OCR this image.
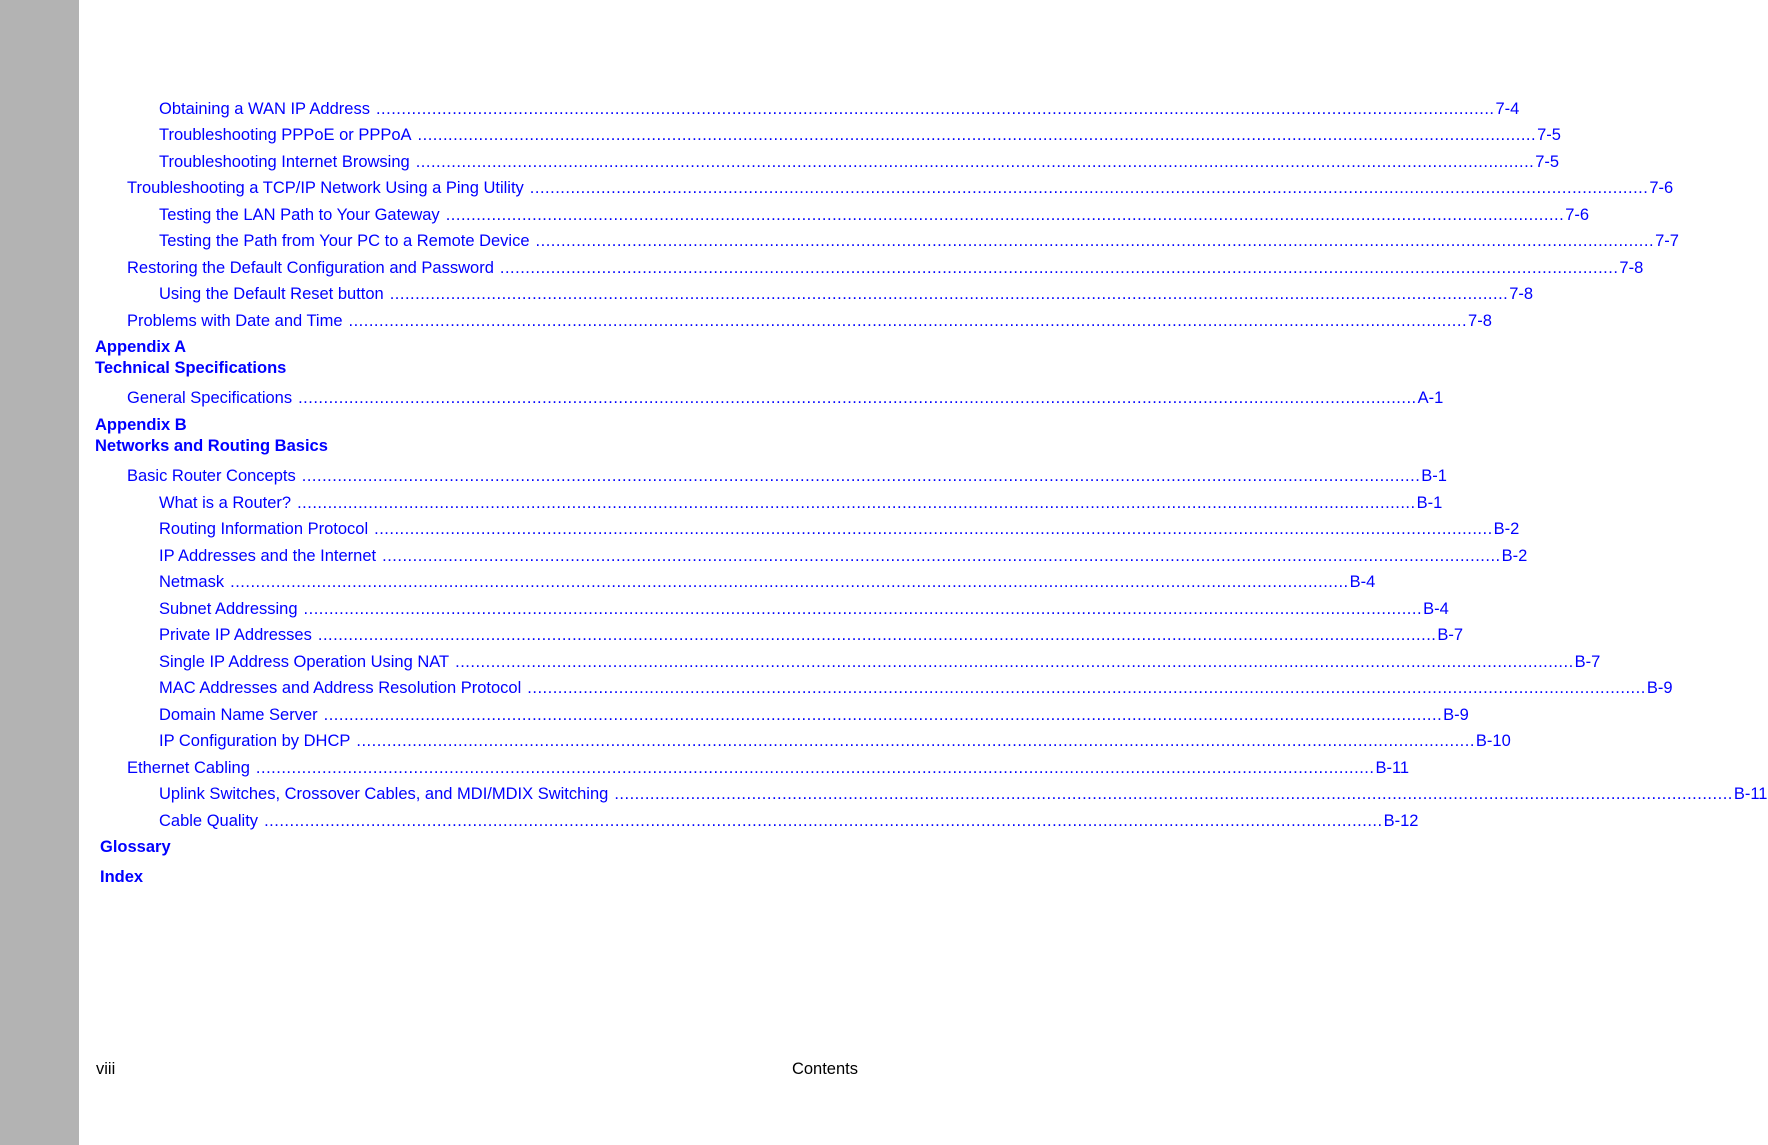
Obtaining a WAN IP Address ............................................................................................................................................................................................................................ 7-4
Troubleshooting PPPoE or PPPoA ............................................................................................................................................................................................................................ 7-5
Troubleshooting Internet Browsing ............................................................................................................................................................................................................................ 7-5
Troubleshooting a TCP/IP Network Using a Ping Utility ............................................................................................................................................................................................................................ 7-6
Testing the LAN Path to Your Gateway ............................................................................................................................................................................................................................ 7-6
Testing the Path from Your PC to a Remote Device ............................................................................................................................................................................................................................ 7-7
Restoring the Default Configuration and Password ............................................................................................................................................................................................................................ 7-8
Using the Default Reset button ............................................................................................................................................................................................................................ 7-8
Problems with Date and Time ............................................................................................................................................................................................................................ 7-8
Appendix A
Technical Specifications
General Specifications ............................................................................................................................................................................................................................ A-1
Appendix B
Networks and Routing Basics
Basic Router Concepts ............................................................................................................................................................................................................................ B-1
What is a Router? ............................................................................................................................................................................................................................ B-1
Routing Information Protocol ............................................................................................................................................................................................................................ B-2
IP Addresses and the Internet ............................................................................................................................................................................................................................ B-2
Netmask ............................................................................................................................................................................................................................ B-4
Subnet Addressing ............................................................................................................................................................................................................................ B-4
Private IP Addresses ............................................................................................................................................................................................................................ B-7
Single IP Address Operation Using NAT ............................................................................................................................................................................................................................ B-7
MAC Addresses and Address Resolution Protocol ............................................................................................................................................................................................................................ B-9
Domain Name Server ............................................................................................................................................................................................................................ B-9
IP Configuration by DHCP ............................................................................................................................................................................................................................ B-10
Ethernet Cabling ............................................................................................................................................................................................................................ B-11
Uplink Switches, Crossover Cables, and MDI/MDIX Switching ............................................................................................................................................................................................................................ B-11
Cable Quality ............................................................................................................................................................................................................................ B-12
Glossary
Index
viii	Contents
